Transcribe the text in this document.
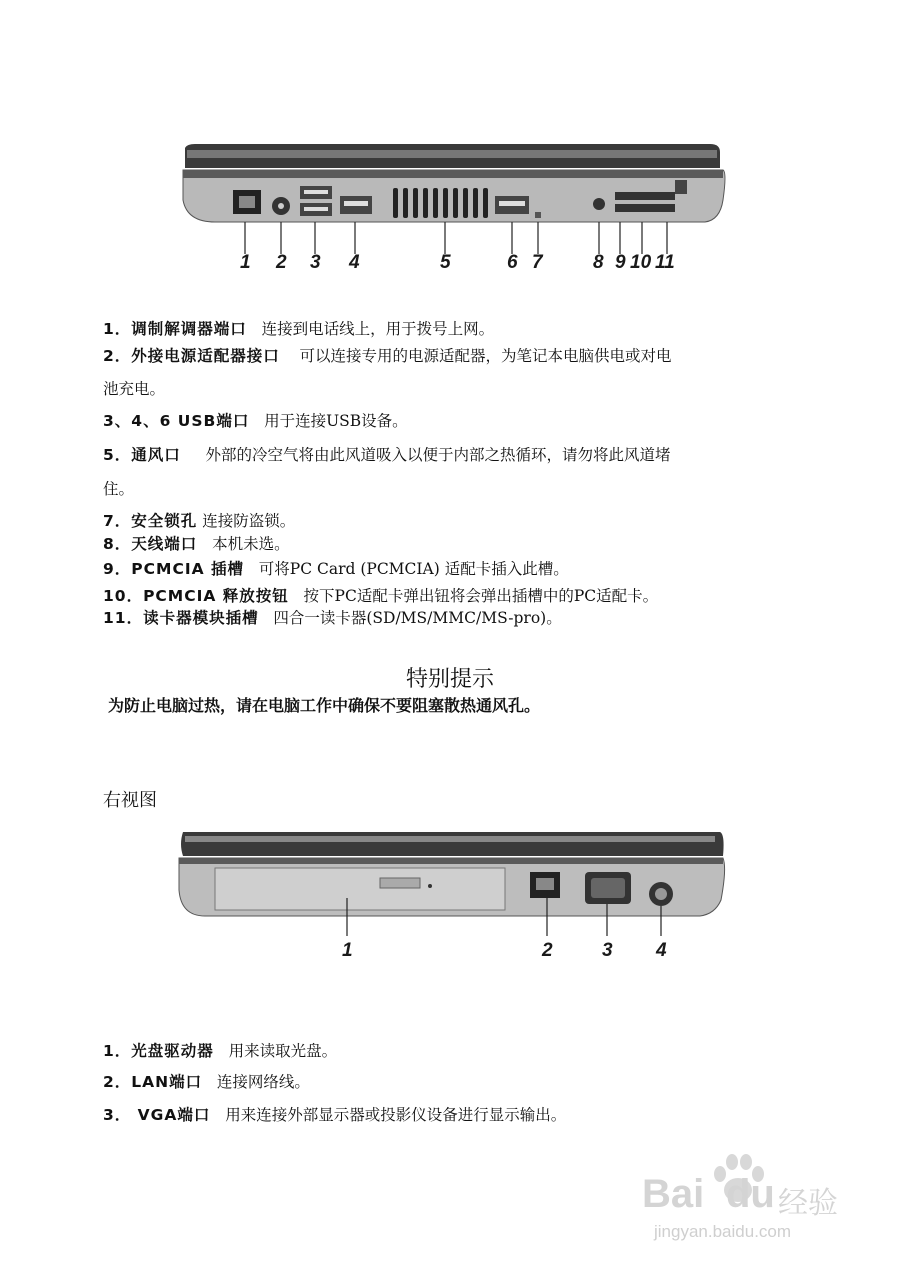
1 2 3 4	5	6 7	8 9 10 11
1．调制解调器端口 连接到电话线上，用于拨号上网。
2．外接电源适配器接口 可以连接专用的电源适配器，为笔记本电脑供电或对电
池充电。
3、4、6 USB端口 用于连接USB设备。
5．通风口 外部的冷空气将由此风道吸入以便于内部之热循环，请勿将此风道堵
住。
7．安全锁孔 连接防盗锁。
8．天线端口 本机未选。
9．PCMCIA 插槽 可将PC Card (PCMCIA) 适配卡插入此槽。
10．PCMCIA 释放按钮 按下PC适配卡弹出钮将会弹出插槽中的PC适配卡。
11．读卡器模块插槽 四合一读卡器(SD/MS/MMC/MS-pro)。
特别提示
为防止电脑过热，请在电脑工作中确保不要阻塞散热通风孔。
右视图
1	2	3 4
1．光盘驱动器 用来读取光盘。
2．LAN端口 连接网络线。
3． VGA端口 用来连接外部显示器或投影仪设备进行显示输出。
Bai du 经验
jingyan.baidu.com
